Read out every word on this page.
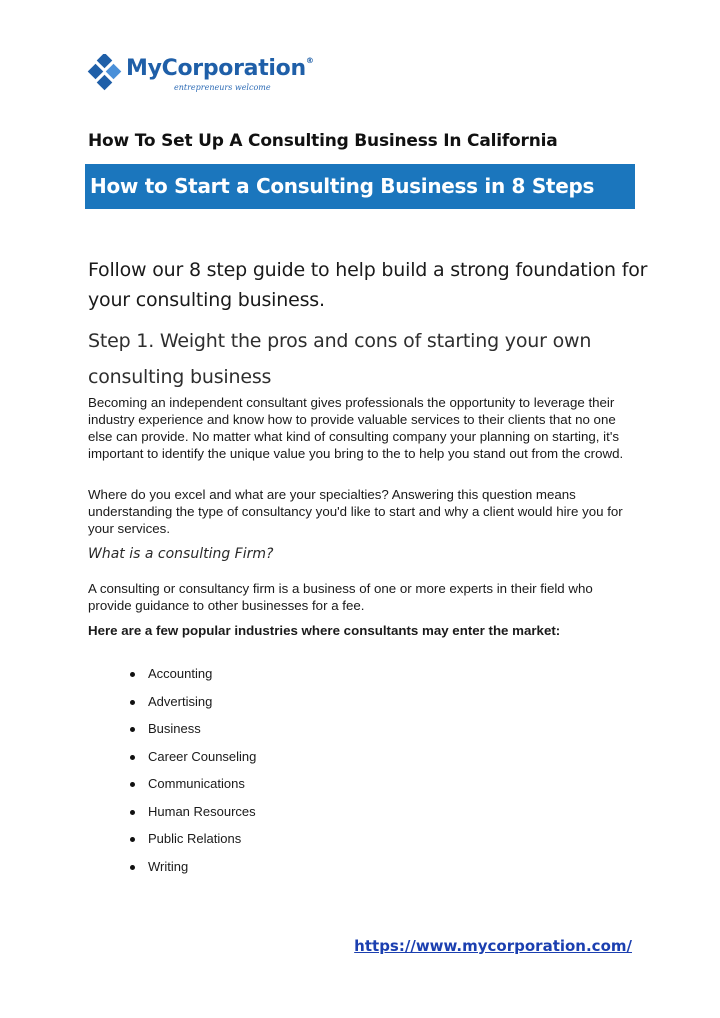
MyCorporation®
entrepreneurs welcome
How To Set Up A Consulting Business In California
How to Start a Consulting Business in 8 Steps
Follow our 8 step guide to help build a strong foundation for your consulting business.
Step 1. Weight the pros and cons of starting your own consulting business
Becoming an independent consultant gives professionals the opportunity to leverage their industry experience and know how to provide valuable services to their clients that no one else can provide. No matter what kind of consulting company your planning on starting, it's important to identify the unique value you bring to the to help you stand out from the crowd.
Where do you excel and what are your specialties? Answering this question means understanding the type of consultancy you'd like to start and why a client would hire you for your services.
What is a consulting Firm?
A consulting or consultancy firm is a business of one or more experts in their field who provide guidance to other businesses for a fee.
Here are a few popular industries where consultants may enter the market:
Accounting
Advertising
Business
Career Counseling
Communications
Human Resources
Public Relations
Writing
https://www.mycorporation.com/
